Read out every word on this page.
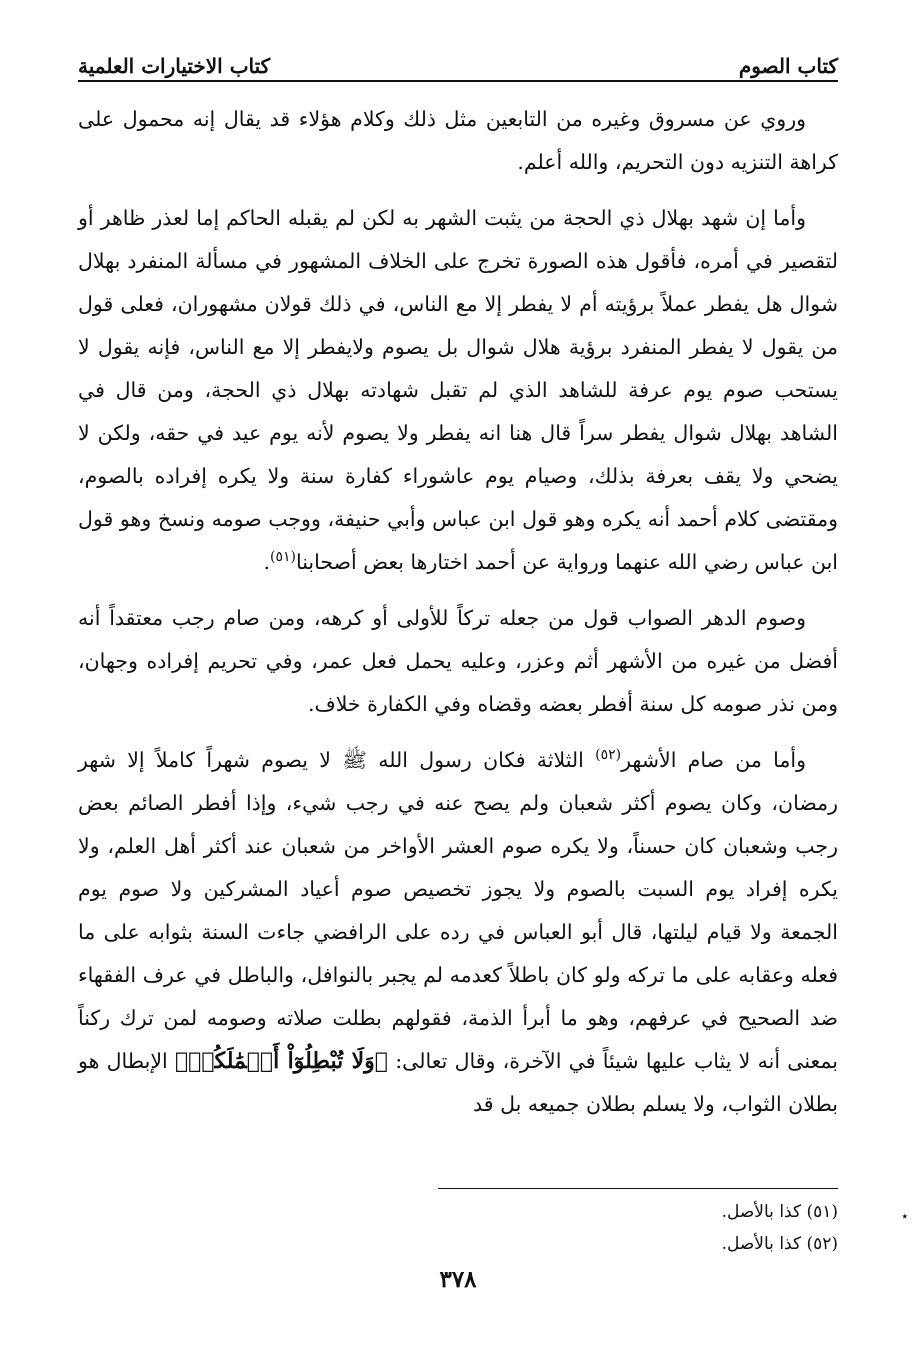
كتاب الصوم
كتاب الاختيارات العلمية

وروي عن مسروق وغيره من التابعين مثل ذلك وكلام هؤلاء قد يقال إنه محمول على كراهة التنزيه دون التحريم، والله أعلم.

وأما إن شهد بهلال ذي الحجة من يثبت الشهر به لكن لم يقبله الحاكم إما لعذر ظاهر أو لتقصير في أمره، فأقول هذه الصورة تخرج على الخلاف المشهور في مسألة المنفرد بهلال شوال هل يفطر عملاً برؤيته أم لا يفطر إلا مع الناس، في ذلك قولان مشهوران، فعلى قول من يقول لا يفطر المنفرد برؤية هلال شوال بل يصوم ولايفطر إلا مع الناس، فإنه يقول لا يستحب صوم يوم عرفة للشاهد الذي لم تقبل شهادته بهلال ذي الحجة، ومن قال في الشاهد بهلال شوال يفطر سراً قال هنا انه يفطر ولا يصوم لأنه يوم عيد في حقه، ولكن لا يضحي ولا يقف بعرفة بذلك، وصيام يوم عاشوراء كفارة سنة ولا يكره إفراده بالصوم، ومقتضى كلام أحمد أنه يكره وهو قول ابن عباس وأبي حنيفة، ووجب صومه ونسخ وهو قول ابن عباس رضي الله عنهما ورواية عن أحمد اختارها بعض أصحابنا$^{(٥١)}$.

وصوم الدهر الصواب قول من جعله تركاً للأولى أو كرهه، ومن صام رجب معتقداً أنه أفضل من غيره من الأشهر أثم وعزر، وعليه يحمل فعل عمر، وفي تحريم إفراده وجهان، ومن نذر صومه كل سنة أفطر بعضه وقضاه وفي الكفارة خلاف.

وأما من صام الأشهر$^{(٥٢)}$ الثلاثة فكان رسول الله ﷺ لا يصوم شهراً كاملاً إلا شهر رمضان، وكان يصوم أكثر شعبان ولم يصح عنه في رجب شيء، وإذا أفطر الصائم بعض رجب وشعبان كان حسناً، ولا يكره صوم العشر الأواخر من شعبان عند أكثر أهل العلم، ولا يكره إفراد يوم السبت بالصوم ولا يجوز تخصيص صوم أعياد المشركين ولا صوم يوم الجمعة ولا قيام ليلتها، قال أبو العباس في رده على الرافضي جاءت السنة بثوابه على ما فعله وعقابه على ما تركه ولو كان باطلاً كعدمه لم يجبر بالنوافل، والباطل في عرف الفقهاء ضد الصحيح في عرفهم، وهو ما أبرأ الذمة، فقولهم بطلت صلاته وصومه لمن ترك ركناً بمعنى أنه لا يثاب عليها شيئاً في الآخرة، وقال تعالى: ﴿وَلَا تُبْطِلُوٓاْ أَعۡمَٰلَكُمۡ﴾ الإبطال هو بطلان الثواب، ولا يسلم بطلان جميعه بل قد

(٥١) كذا بالأصل.
(٥٢) كذا بالأصل.
٣٧٨
٭
